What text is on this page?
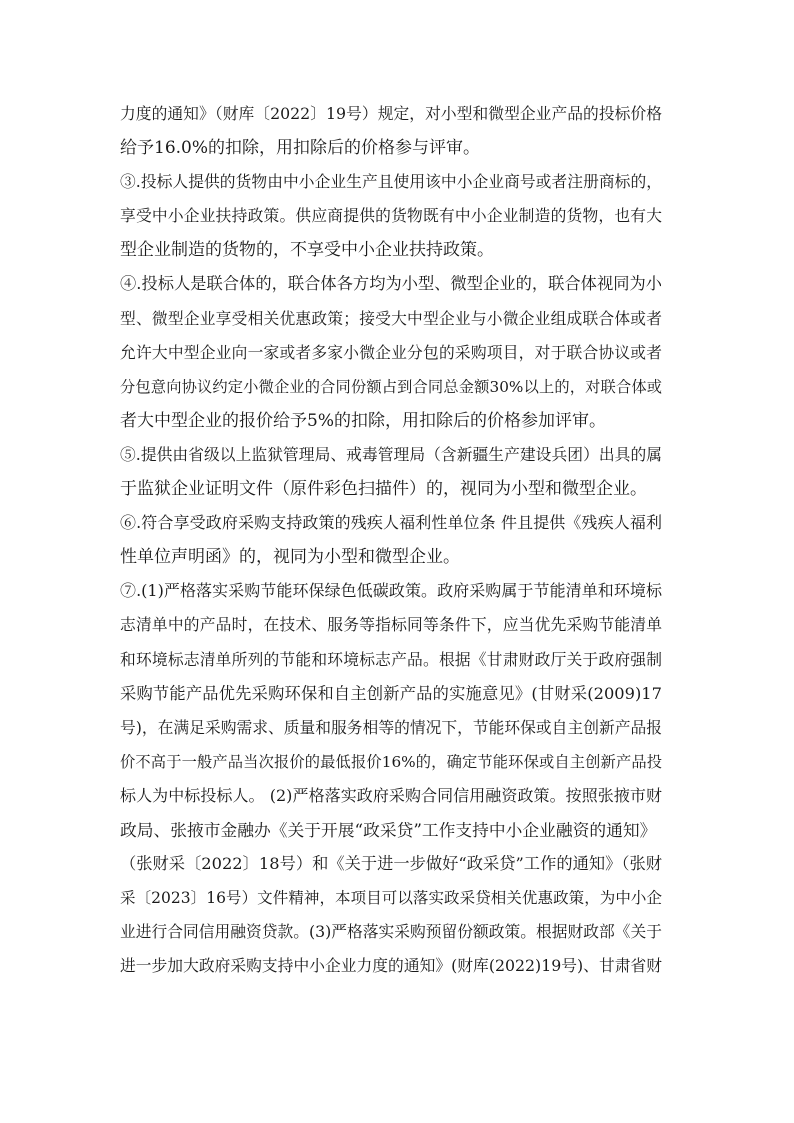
力度的通知》（财库〔2022〕19号）规定，对小型和微型企业产品的投标价格
给予16.0%的扣除，用扣除后的价格参与评审。
③.投标人提供的货物由中小企业生产且使用该中小企业商号或者注册商标的，
享受中小企业扶持政策。供应商提供的货物既有中小企业制造的货物，也有大
型企业制造的货物的，不享受中小企业扶持政策。
④.投标人是联合体的，联合体各方均为小型、微型企业的，联合体视同为小
型、微型企业享受相关优惠政策；接受大中型企业与小微企业组成联合体或者
允许大中型企业向一家或者多家小微企业分包的采购项目，对于联合协议或者
分包意向协议约定小微企业的合同份额占到合同总金额30%以上的，对联合体或
者大中型企业的报价给予5%的扣除，用扣除后的价格参加评审。
⑤.提供由省级以上监狱管理局、戒毒管理局（含新疆生产建设兵团）出具的属
于监狱企业证明文件（原件彩色扫描件）的，视同为小型和微型企业。
⑥.符合享受政府采购支持政策的残疾人福利性单位条 件且提供《残疾人福利
性单位声明函》的，视同为小型和微型企业。
⑦.(1)严格落实采购节能环保绿色低碳政策。政府采购属于节能清单和环境标
志清单中的产品时，在技术、服务等指标同等条件下，应当优先采购节能清单
和环境标志清单所列的节能和环境标志产品。根据《甘肃财政厅关于政府强制
采购节能产品优先采购环保和自主创新产品的实施意见》(甘财采(2009)17
号)，在满足采购需求、质量和服务相等的情况下，节能环保或自主创新产品报
价不高于一般产品当次报价的最低报价16%的，确定节能环保或自主创新产品投
标人为中标投标人。 (2)严格落实政府采购合同信用融资政策。按照张掖市财
政局、张掖市金融办《关于开展“政采贷”工作支持中小企业融资的通知》
（张财采〔2022〕18号）和《关于进一步做好“政采贷”工作的通知》（张财
采〔2023〕16号）文件精神，本项目可以落实政采贷相关优惠政策，为中小企
业进行合同信用融资贷款。(3)严格落实采购预留份额政策。根据财政部《关于
进一步加大政府采购支持中小企业力度的通知》(财库(2022)19号)、甘肃省财
